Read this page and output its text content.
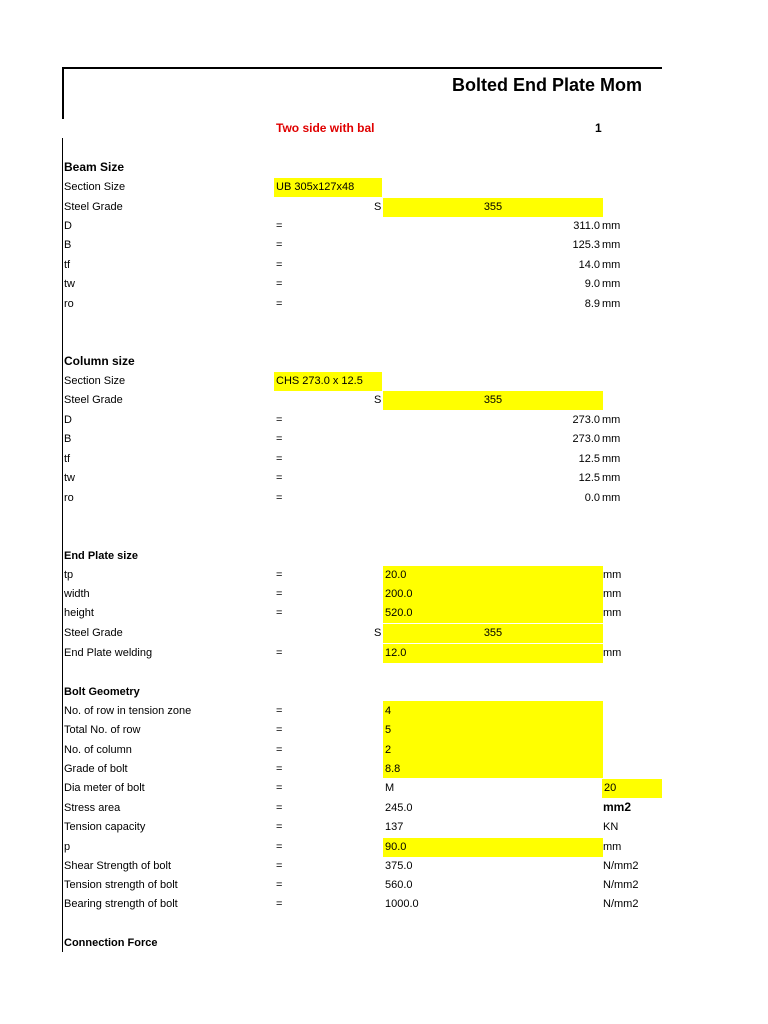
Bolted End Plate Mom
Two side with bal	1
Beam Size
Section Size	UB 305x127x48
Steel Grade	S	355
D	=	311.0 mm
B	=	125.3 mm
tf	=	14.0 mm
tw	=	9.0 mm
ro	=	8.9 mm
Column size
Section Size	CHS 273.0 x 12.5
Steel Grade	S	355
D	=	273.0 mm
B	=	273.0 mm
tf	=	12.5 mm
tw	=	12.5 mm
ro	=	0.0 mm
End Plate size
tp	=	20.0	mm
width	=	200.0	mm
height	=	520.0	mm
Steel Grade	S	355
End Plate welding	=	12.0	mm
Bolt Geometry
No. of row in tension zone	=	4
Total No. of row	=	5
No. of column	=	2
Grade of bolt	=	8.8
Dia meter of bolt	=	M	20
Stress area	=	245.0	mm2
Tension capacity	=	137	KN
p	=	90.0	mm
Shear Strength of bolt	=	375.0	N/mm2
Tension strength of bolt	=	560.0	N/mm2
Bearing strength of bolt	=	1000.0	N/mm2
Connection Force
